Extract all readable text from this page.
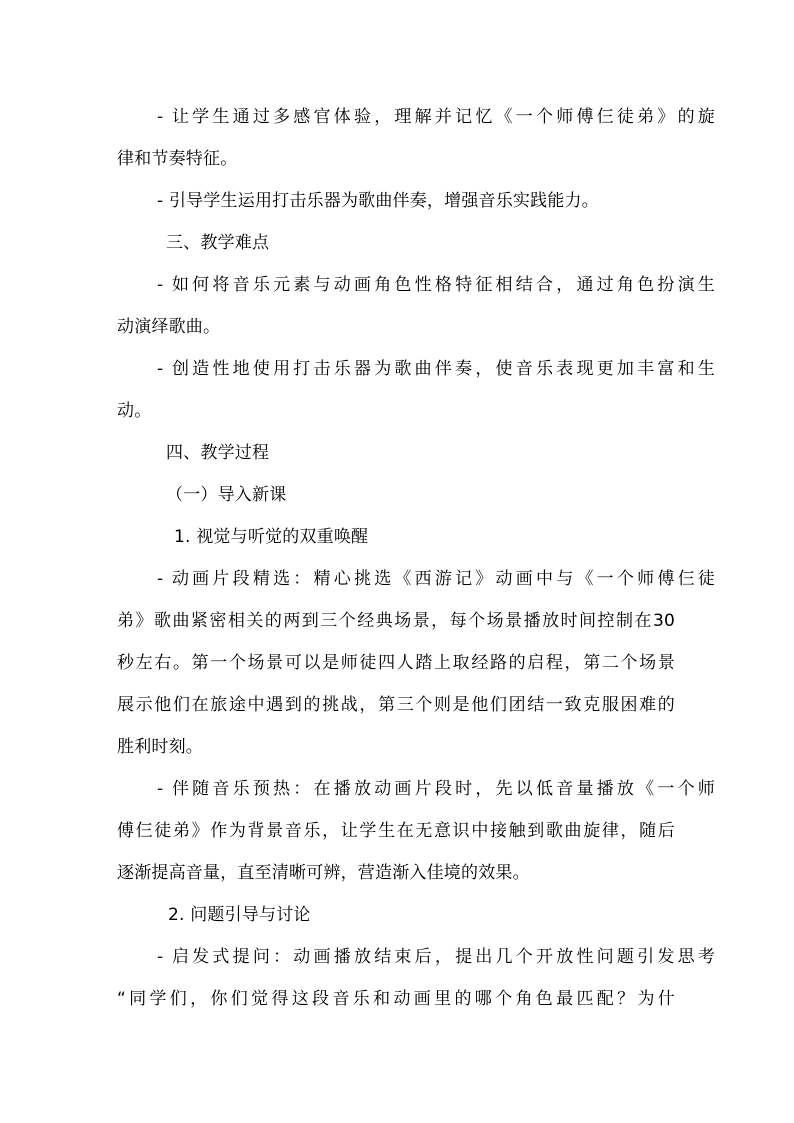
- 让学生通过多感官体验，理解并记忆《一个师傅仨徒弟》的旋
律和节奏特征。
- 引导学生运用打击乐器为歌曲伴奏，增强音乐实践能力。
三、教学难点
- 如何将音乐元素与动画角色性格特征相结合，通过角色扮演生
动演绎歌曲。
- 创造性地使用打击乐器为歌曲伴奏，使音乐表现更加丰富和生
动。
四、教学过程
（一）导入新课
1. 视觉与听觉的双重唤醒
- 动画片段精选：精心挑选《西游记》动画中与《一个师傅仨徒
弟》歌曲紧密相关的两到三个经典场景，每个场景播放时间控制在30
秒左右。第一个场景可以是师徒四人踏上取经路的启程，第二个场景
展示他们在旅途中遇到的挑战，第三个则是他们团结一致克服困难的
胜利时刻。
- 伴随音乐预热：在播放动画片段时，先以低音量播放《一个师
傅仨徒弟》作为背景音乐，让学生在无意识中接触到歌曲旋律，随后
逐渐提高音量，直至清晰可辨，营造渐入佳境的效果。
2. 问题引导与讨论
- 启发式提问：动画播放结束后，提出几个开放性问题引发思考
“同学们，你们觉得这段音乐和动画里的哪个角色最匹配？为什
